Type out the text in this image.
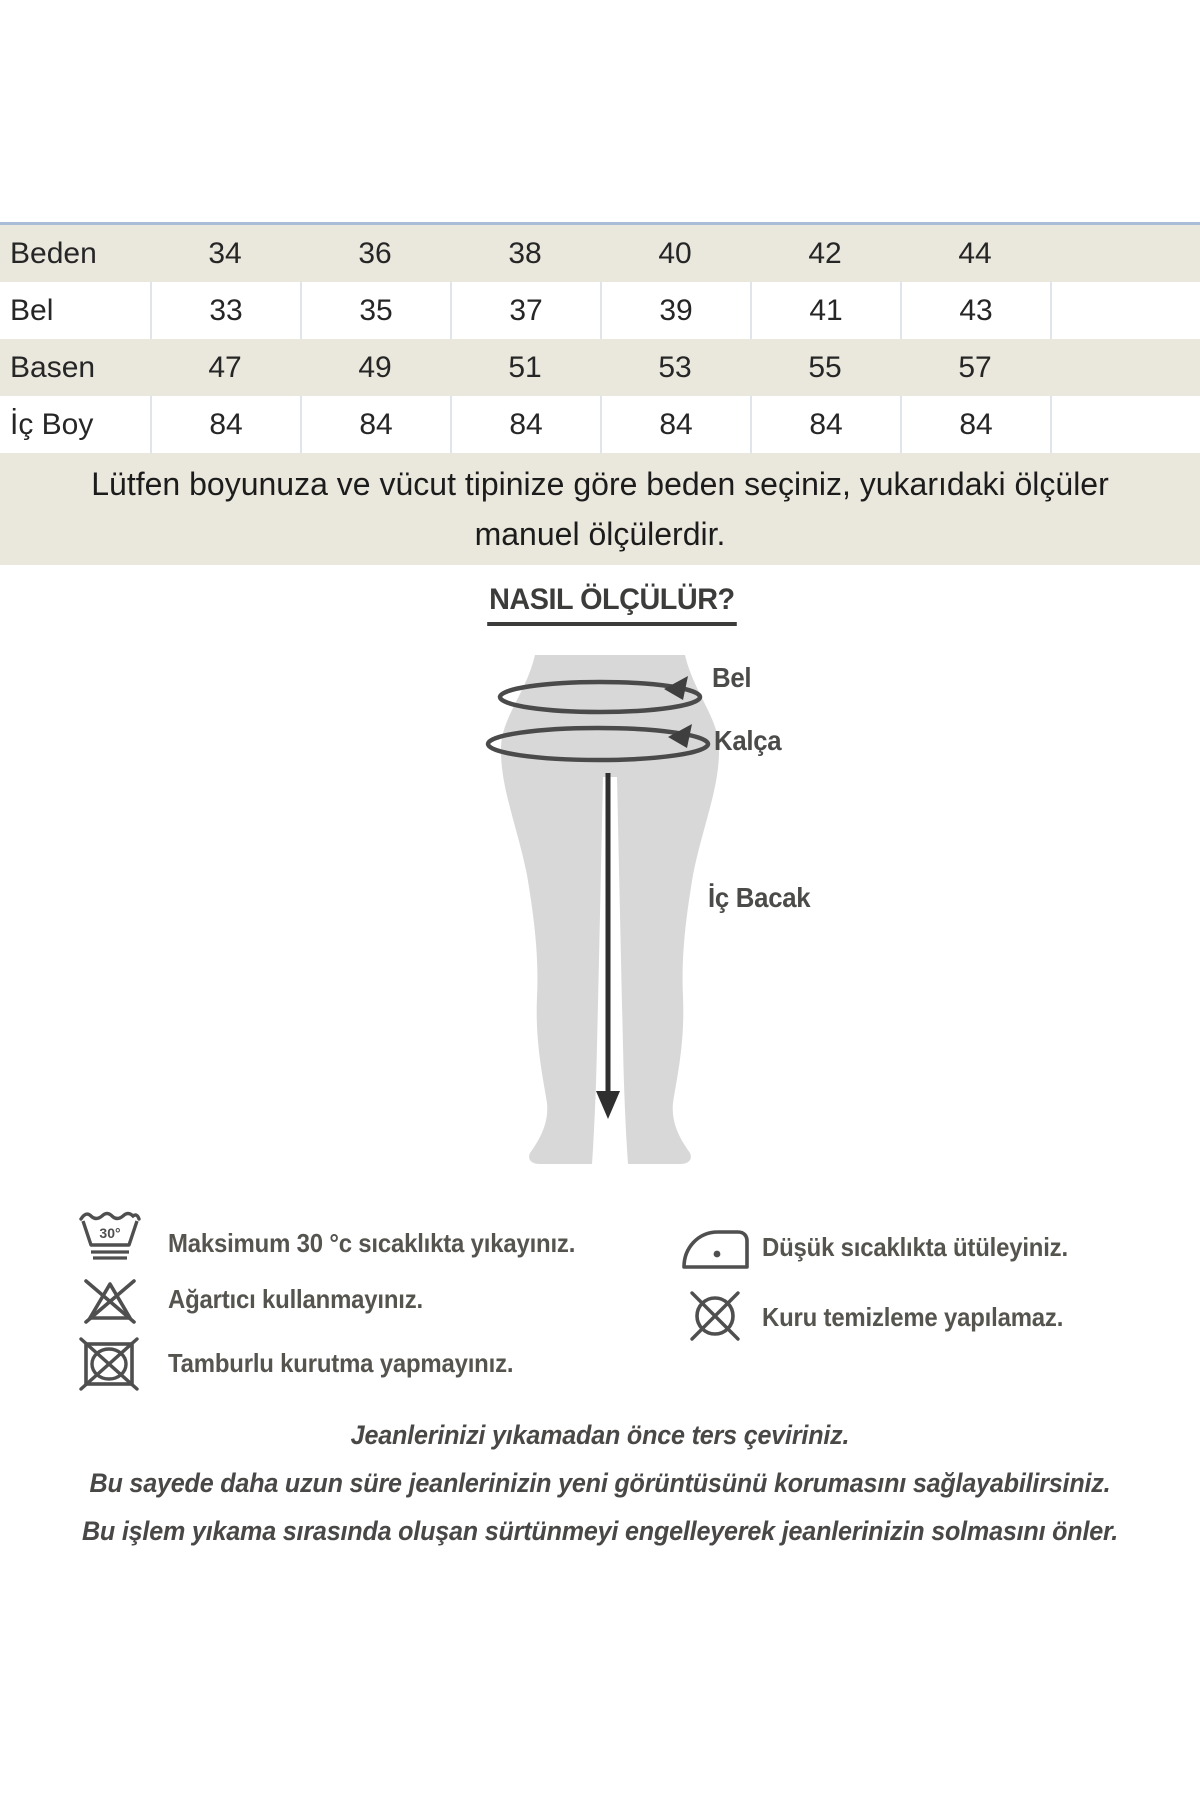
Beden	34	36	38	40	42	44
Bel	33	35	37	39	41	43
Basen	47	49	51	53	55	57
İç Boy	84	84	84	84	84	84
Lütfen boyunuza ve vücut tipinize göre beden seçiniz, yukarıdaki ölçüler
manuel ölçülerdir.
NASIL ÖLÇÜLÜR?
Bel
Kalça
İç Bacak
30° Maksimum 30 °c sıcaklıkta yıkayınız.
Ağartıcı kullanmayınız.
Tamburlu kurutma yapmayınız.
Düşük sıcaklıkta ütüleyiniz.
Kuru temizleme yapılamaz.
Jeanlerinizi yıkamadan önce ters çeviriniz.
Bu sayede daha uzun süre jeanlerinizin yeni görüntüsünü korumasını sağlayabilirsiniz.
Bu işlem yıkama sırasında oluşan sürtünmeyi engelleyerek jeanlerinizin solmasını önler.
